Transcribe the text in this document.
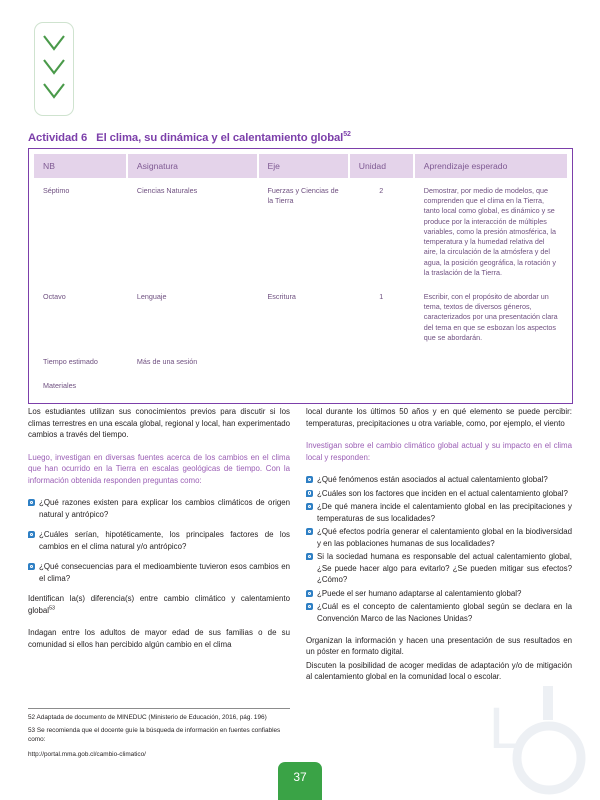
Actividad 6 El clima, su dinámica y el calentamiento global$^{52}$
NB	Asignatura	Eje	Unidad	Aprendizaje esperado
Séptimo	Ciencias Naturales	Fuerzas y Ciencias de la Tierra	2	Demostrar, por medio de modelos, que comprenden que el clima en la Tierra, tanto local como global, es dinámico y se produce por la interacción de múltiples variables, como la presión atmosférica, la temperatura y la humedad relativa del aire, la circulación de la atmósfera y del agua, la posición geográfica, la rotación y la traslación de la Tierra.
Octavo	Lenguaje	Escritura	1	Escribir, con el propósito de abordar un tema, textos de diversos géneros, caracterizados por una presentación clara del tema en que se esbozan los aspectos que se abordarán.
Tiempo estimado	Más de una sesión			
Materiales				

Los estudiantes utilizan sus conocimientos previos para discutir si los climas terrestres en una escala global, regional y local, han experimentado cambios a través del tiempo.

Luego, investigan en diversas fuentes acerca de los cambios en el clima que han ocurrido en la Tierra en escalas geológicas de tiempo. Con la información obtenida responden preguntas como:

¿Qué razones existen para explicar los cambios climáticos de origen natural y antrópico?

¿Cuáles serían, hipotéticamente, los principales factores de los cambios en el clima natural y/o antrópico?

¿Qué consecuencias para el medioambiente tuvieron esos cambios en el clima?

Identifican la(s) diferencia(s) entre cambio climático y calentamiento global$^{53}$

Indagan entre los adultos de mayor edad de sus familias o de su comunidad si ellos han percibido algún cambio en el clima

local durante los últimos 50 años y en qué elemento se puede percibir: temperaturas, precipitaciones u otra variable, como, por ejemplo, el viento

Investigan sobre el cambio climático global actual y su impacto en el clima local y responden:

¿Qué fenómenos están asociados al actual calentamiento global?

¿Cuáles son los factores que inciden en el actual calentamiento global?

¿De qué manera incide el calentamiento global en las precipitaciones y temperaturas de sus localidades?

¿Qué efectos podría generar el calentamiento global en la biodiversidad y en las poblaciones humanas de sus localidades?

Si la sociedad humana es responsable del actual calentamiento global, ¿Se puede hacer algo para evitarlo? ¿Se pueden mitigar sus efectos? ¿Cómo?

¿Puede el ser humano adaptarse al calentamiento global?

¿Cuál es el concepto de calentamiento global según se declara en la Convención Marco de las Naciones Unidas?

Organizan la información y hacen una presentación de sus resultados en un póster en formato digital.

Discuten la posibilidad de acoger medidas de adaptación y/o de mitigación al calentamiento global en la comunidad local o escolar.

52 Adaptada de documento de MINEDUC (Ministerio de Educación, 2016, pág. 196)

53 Se recomienda que el docente guíe la búsqueda de información en fuentes confiables como:

http://portal.mma.gob.cl/cambio-climatico/	L
37
